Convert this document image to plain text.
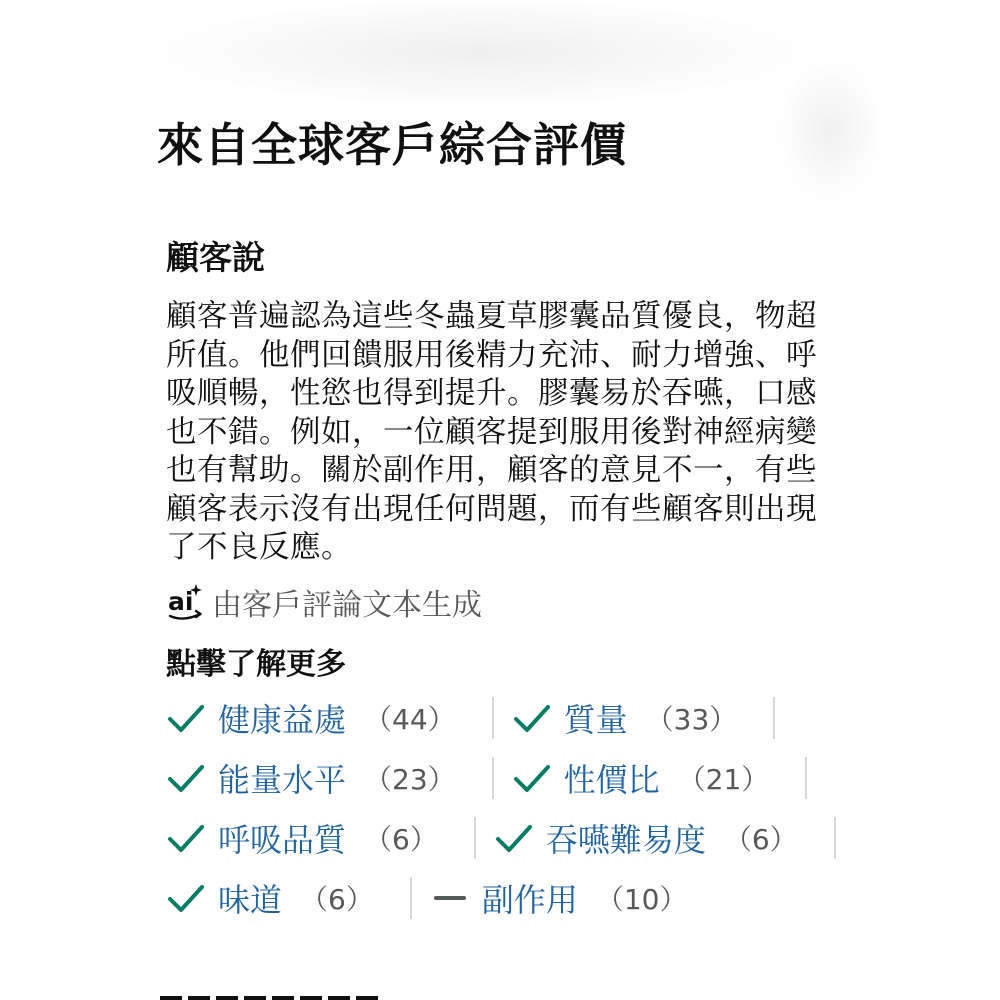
來自全球客戶綜合評價
顧客說

顧客普遍認為這些冬蟲夏草膠囊品質優良，物超所值。他們回饋服用後精力充沛、耐力增強、呼吸順暢，性慾也得到提升。膠囊易於吞嚥，口感也不錯。例如，一位顧客提到服用後對神經病變也有幫助。關於副作用，顧客的意見不一，有些顧客表示沒有出現任何問題，而有些顧客則出現了不良反應。

ai 由客戶評論文本生成
點擊了解更多
健康益處 （44）	質量 （33）
能量水平 （23）	性價比 （21）
呼吸品質 （6）	吞嚥難易度 （6）
味道 （6）	副作用 （10）
